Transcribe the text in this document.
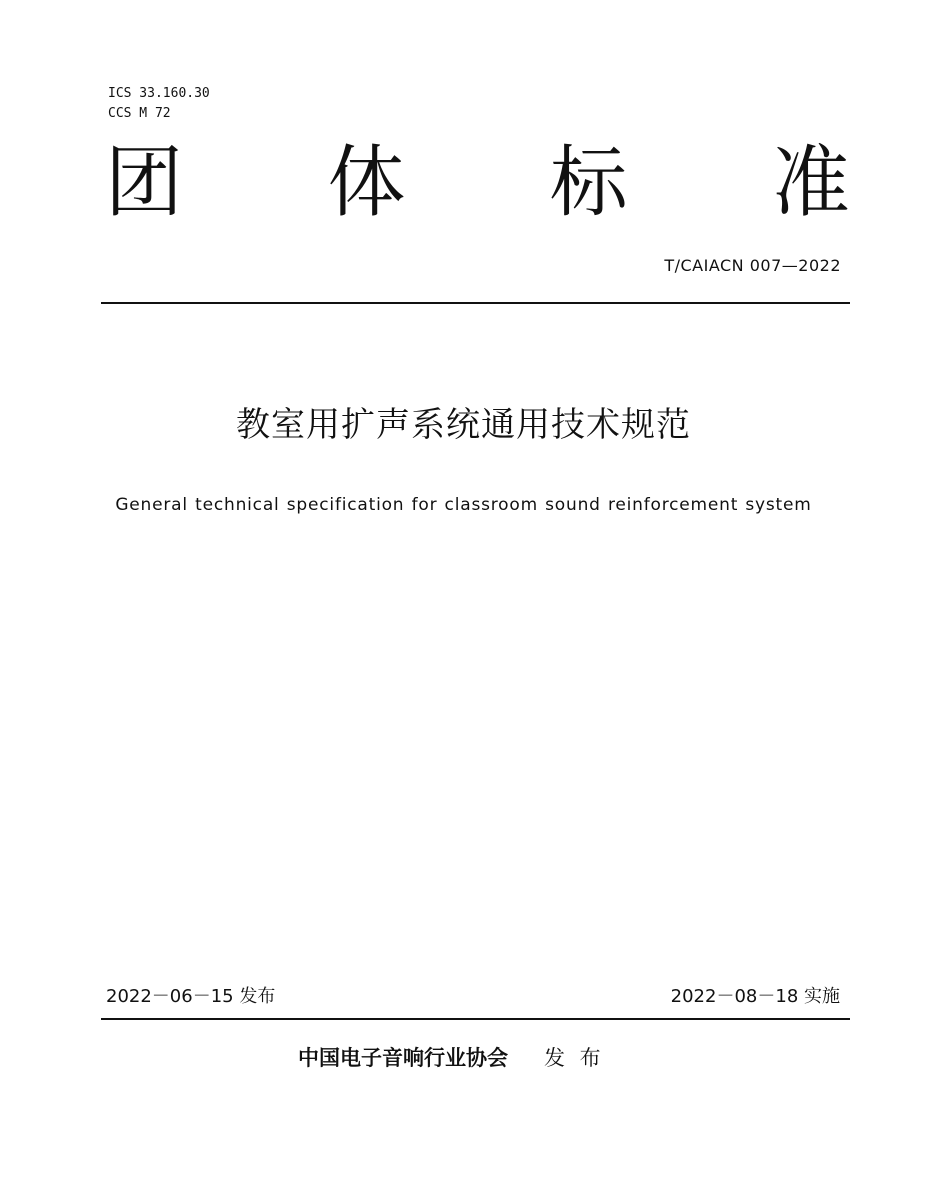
ICS 33.160.30
CCS M 72
团 体 标 准
T/CAIACN 007—2022
教室用扩声系统通用技术规范
General technical specification for classroom sound reinforcement system
2022－06－15 发布	2022－08－18 实施
中国电子音响行业协会 发 布
